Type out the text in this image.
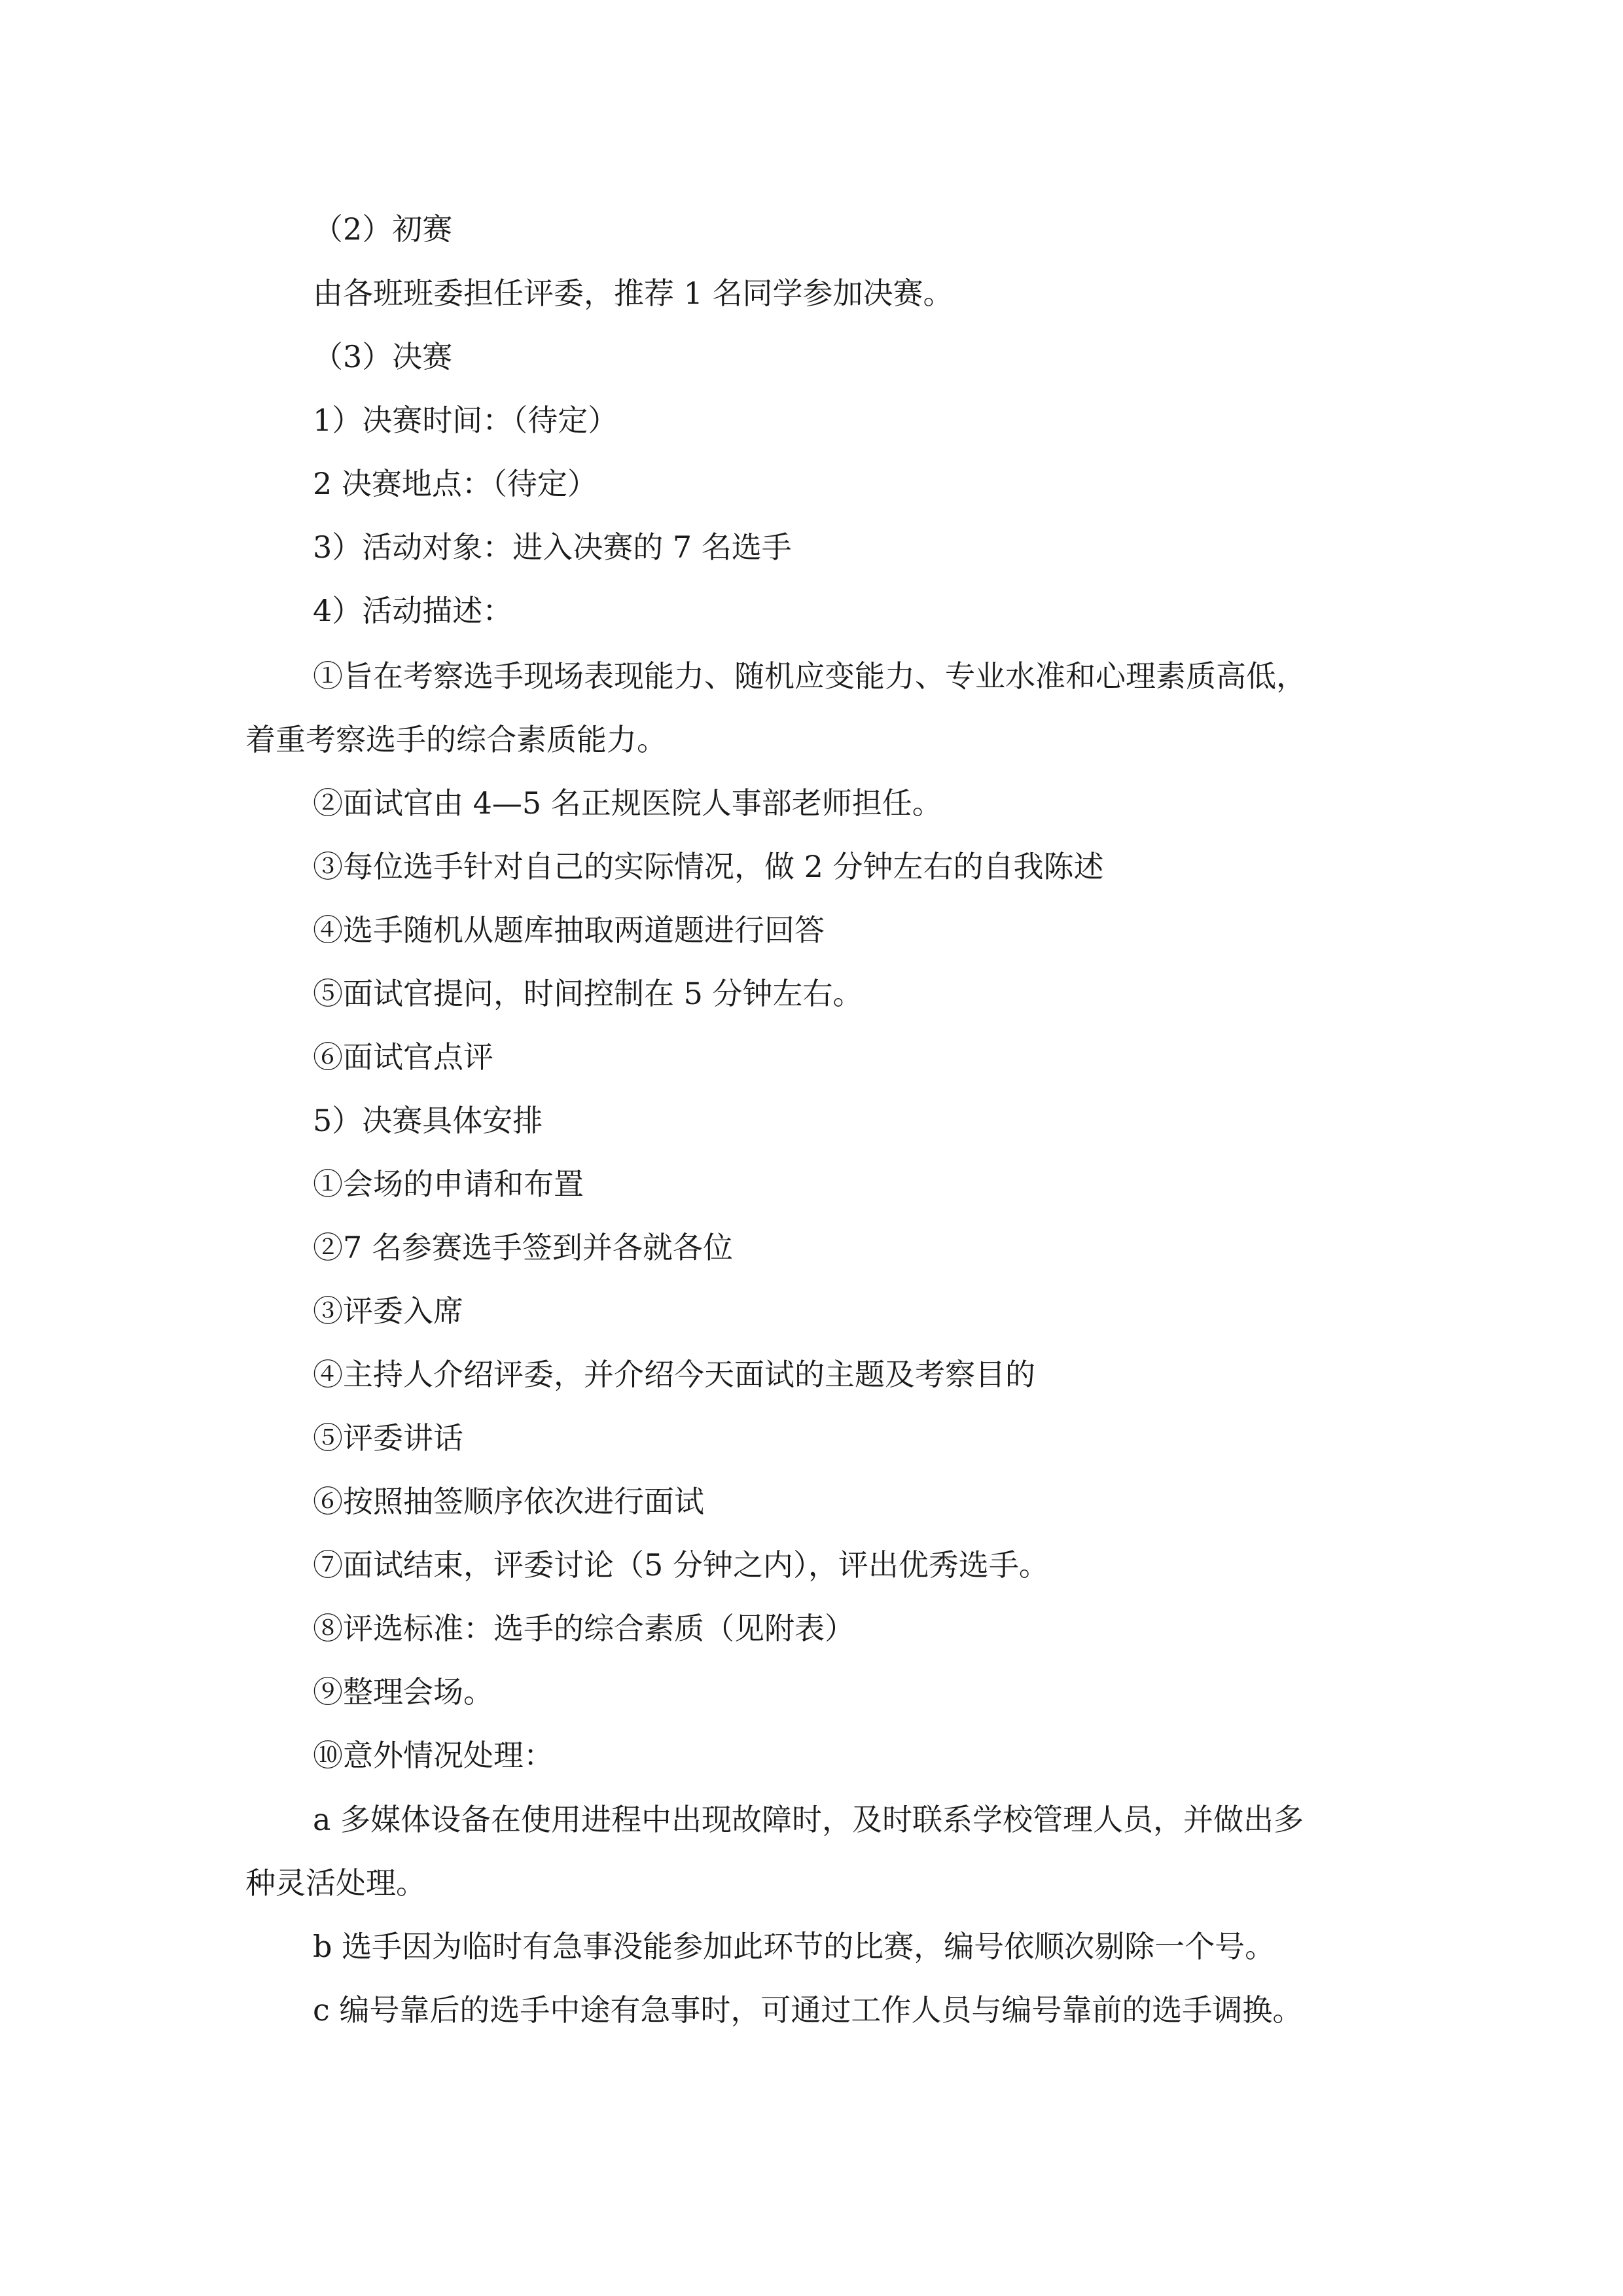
（2）初赛
由各班班委担任评委，推荐 1 名同学参加决赛。
（3）决赛
1）决赛时间：（待定）
2 决赛地点：（待定）
3）活动对象：进入决赛的 7 名选手
4）活动描述：
①旨在考察选手现场表现能力、随机应变能力、专业水准和心理素质高低，
着重考察选手的综合素质能力。
②面试官由 4—5 名正规医院人事部老师担任。
③每位选手针对自己的实际情况，做 2 分钟左右的自我陈述
④选手随机从题库抽取两道题进行回答
⑤面试官提问，时间控制在 5 分钟左右。
⑥面试官点评
5）决赛具体安排
①会场的申请和布置
②7 名参赛选手签到并各就各位
③评委入席
④主持人介绍评委，并介绍今天面试的主题及考察目的
⑤评委讲话
⑥按照抽签顺序依次进行面试
⑦面试结束，评委讨论（5 分钟之内），评出优秀选手。
⑧评选标准：选手的综合素质（见附表）
⑨整理会场。
⑩意外情况处理：
a 多媒体设备在使用进程中出现故障时，及时联系学校管理人员，并做出多
种灵活处理。
b 选手因为临时有急事没能参加此环节的比赛，编号依顺次剔除一个号。
c 编号靠后的选手中途有急事时，可通过工作人员与编号靠前的选手调换。
